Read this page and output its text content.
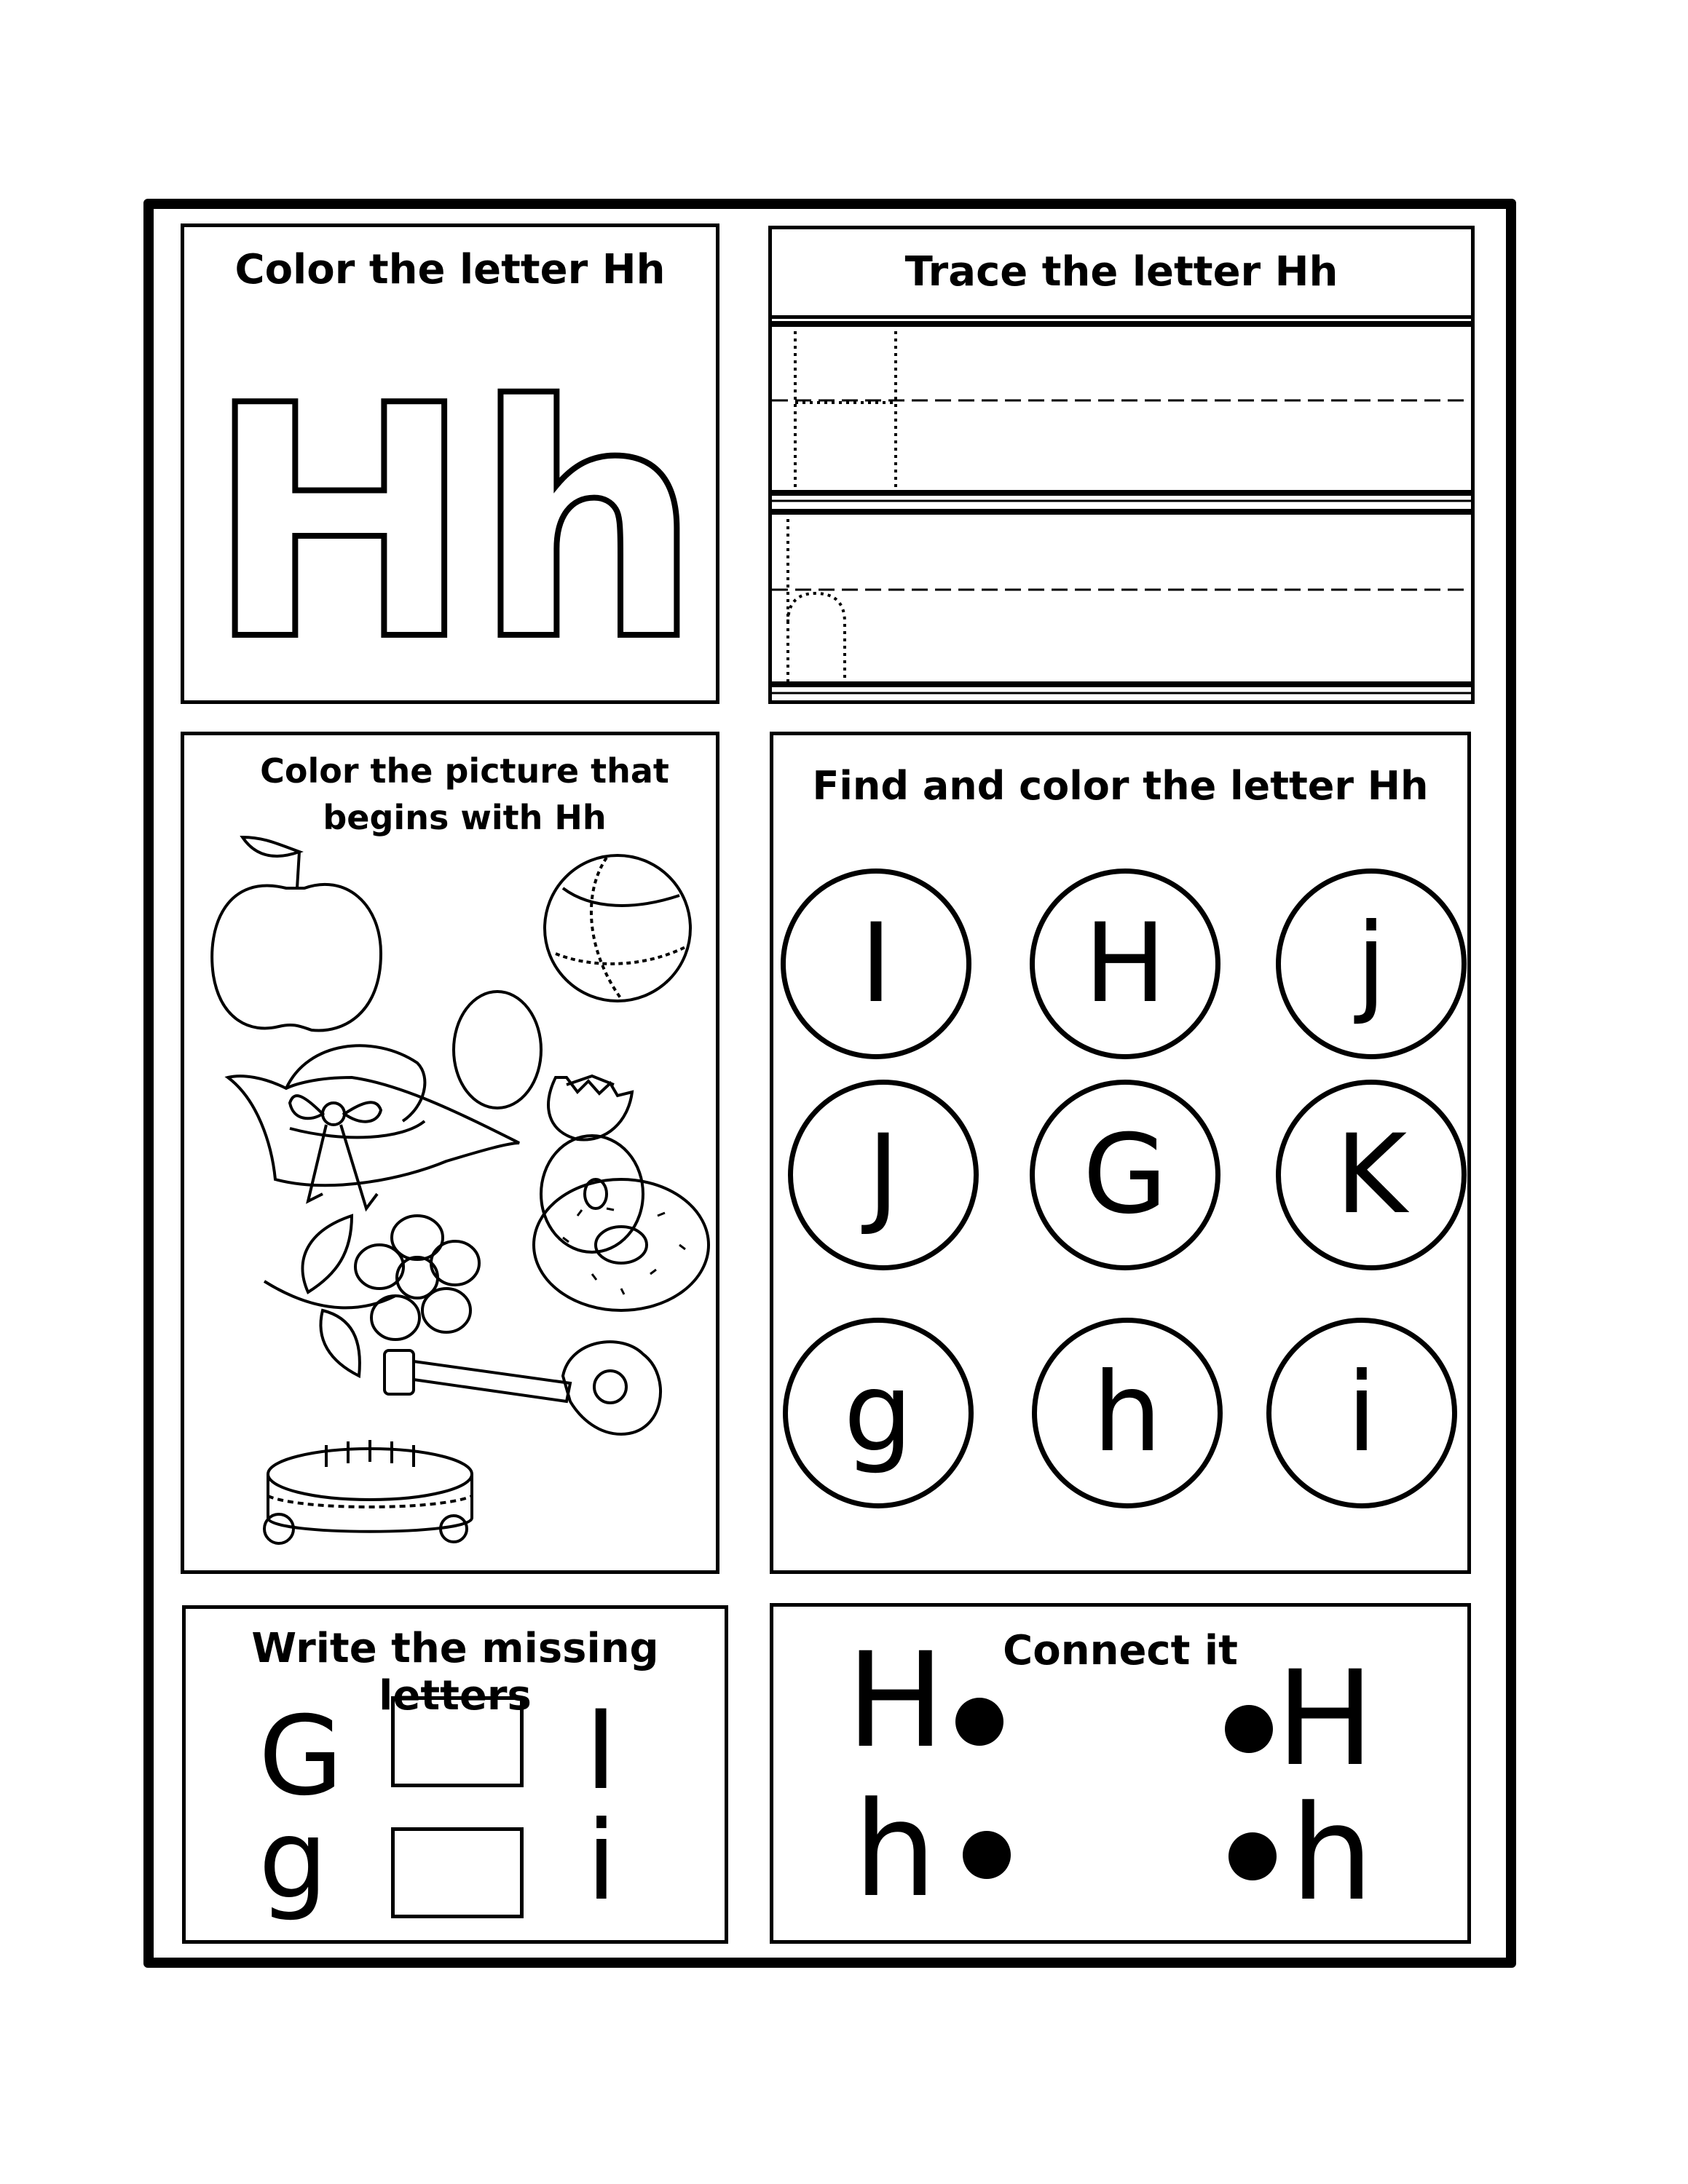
Color the letter Hh
Hh
Trace the letter Hh
Color the picture that
begins with Hh
Find and color the letter Hh
I	H	j
J	G	K
g	h	i
Write the missing letters
G I
g i
Connect it
H	H
h	h
